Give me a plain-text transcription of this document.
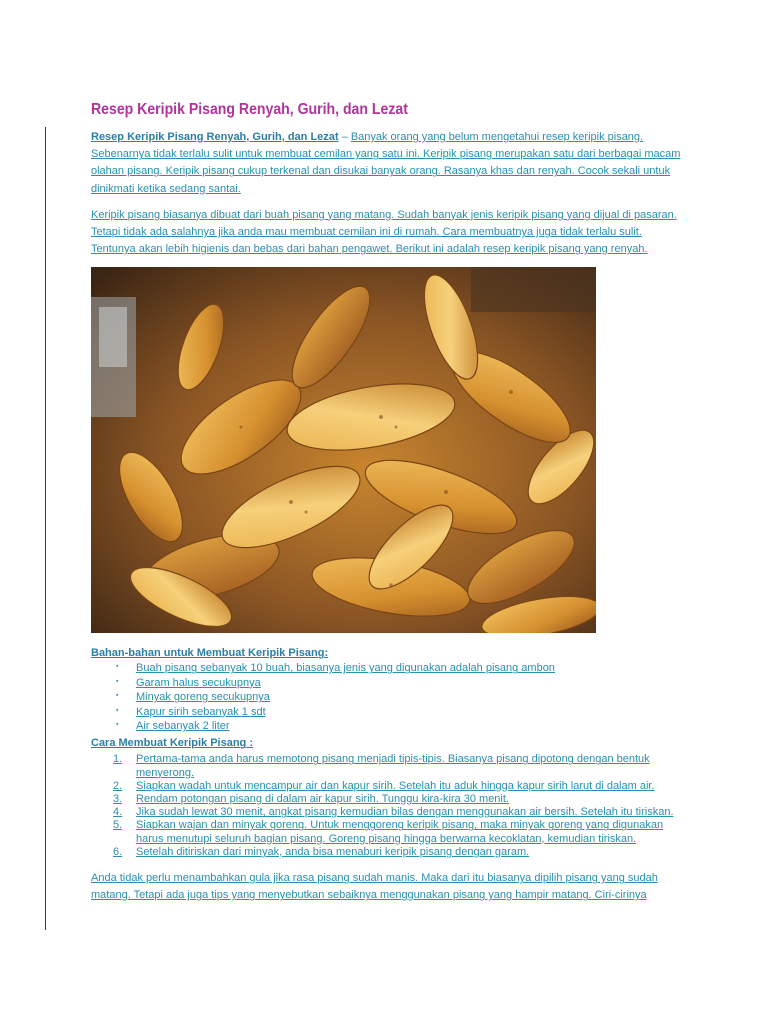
Resep Keripik Pisang Renyah, Gurih, dan Lezat

Resep Keripik Pisang Renyah, Gurih, dan Lezat – Banyak orang yang belum mengetahui resep keripik pisang. Sebenarnya tidak terlalu sulit untuk membuat cemilan yang satu ini. Keripik pisang merupakan satu dari berbagai macam olahan pisang. Keripik pisang cukup terkenal dan disukai banyak orang. Rasanya khas dan renyah. Cocok sekali untuk dinikmati ketika sedang santai.

Keripik pisang biasanya dibuat dari buah pisang yang matang. Sudah banyak jenis keripik pisang yang dijual di pasaran. Tetapi tidak ada salahnya jika anda mau membuat cemilan ini di rumah. Cara membuatnya juga tidak terlalu sulit. Tentunya akan lebih higienis dan bebas dari bahan pengawet. Berikut ini adalah resep keripik pisang yang renyah.

Bahan-bahan untuk Membuat Keripik Pisang:

▪	Buah pisang sebanyak 10 buah, biasanya jenis yang digunakan adalah pisang ambon
▪	Garam halus secukupnya
▪	Minyak goreng secukupnya
▪	Kapur sirih sebanyak 1 sdt
▪	Air sebanyak 2 liter

Cara Membuat Keripik Pisang :

1.	Pertama-tama anda harus memotong pisang menjadi tipis-tipis. Biasanya pisang dipotong dengan bentuk menyerong.
2.	Siapkan wadah untuk mencampur air dan kapur sirih. Setelah itu aduk hingga kapur sirih larut di dalam air.
3.	Rendam potongan pisang di dalam air kapur sirih. Tunggu kira-kira 30 menit.
4.	Jika sudah lewat 30 menit, angkat pisang kemudian bilas dengan menggunakan air bersih. Setelah itu tiriskan.
5.	Siapkan wajan dan minyak goreng. Untuk menggoreng keripik pisang, maka minyak goreng yang digunakan harus menutupi seluruh bagian pisang. Goreng pisang hingga berwarna kecoklatan, kemudian tiriskan.
6.	Setelah ditiriskan dari minyak, anda bisa menaburi keripik pisang dengan garam.

Anda tidak perlu menambahkan gula jika rasa pisang sudah manis. Maka dari itu biasanya dipilih pisang yang sudah matang. Tetapi ada juga tips yang menyebutkan sebaiknya menggunakan pisang yang hampir matang. Ciri-cirinya
